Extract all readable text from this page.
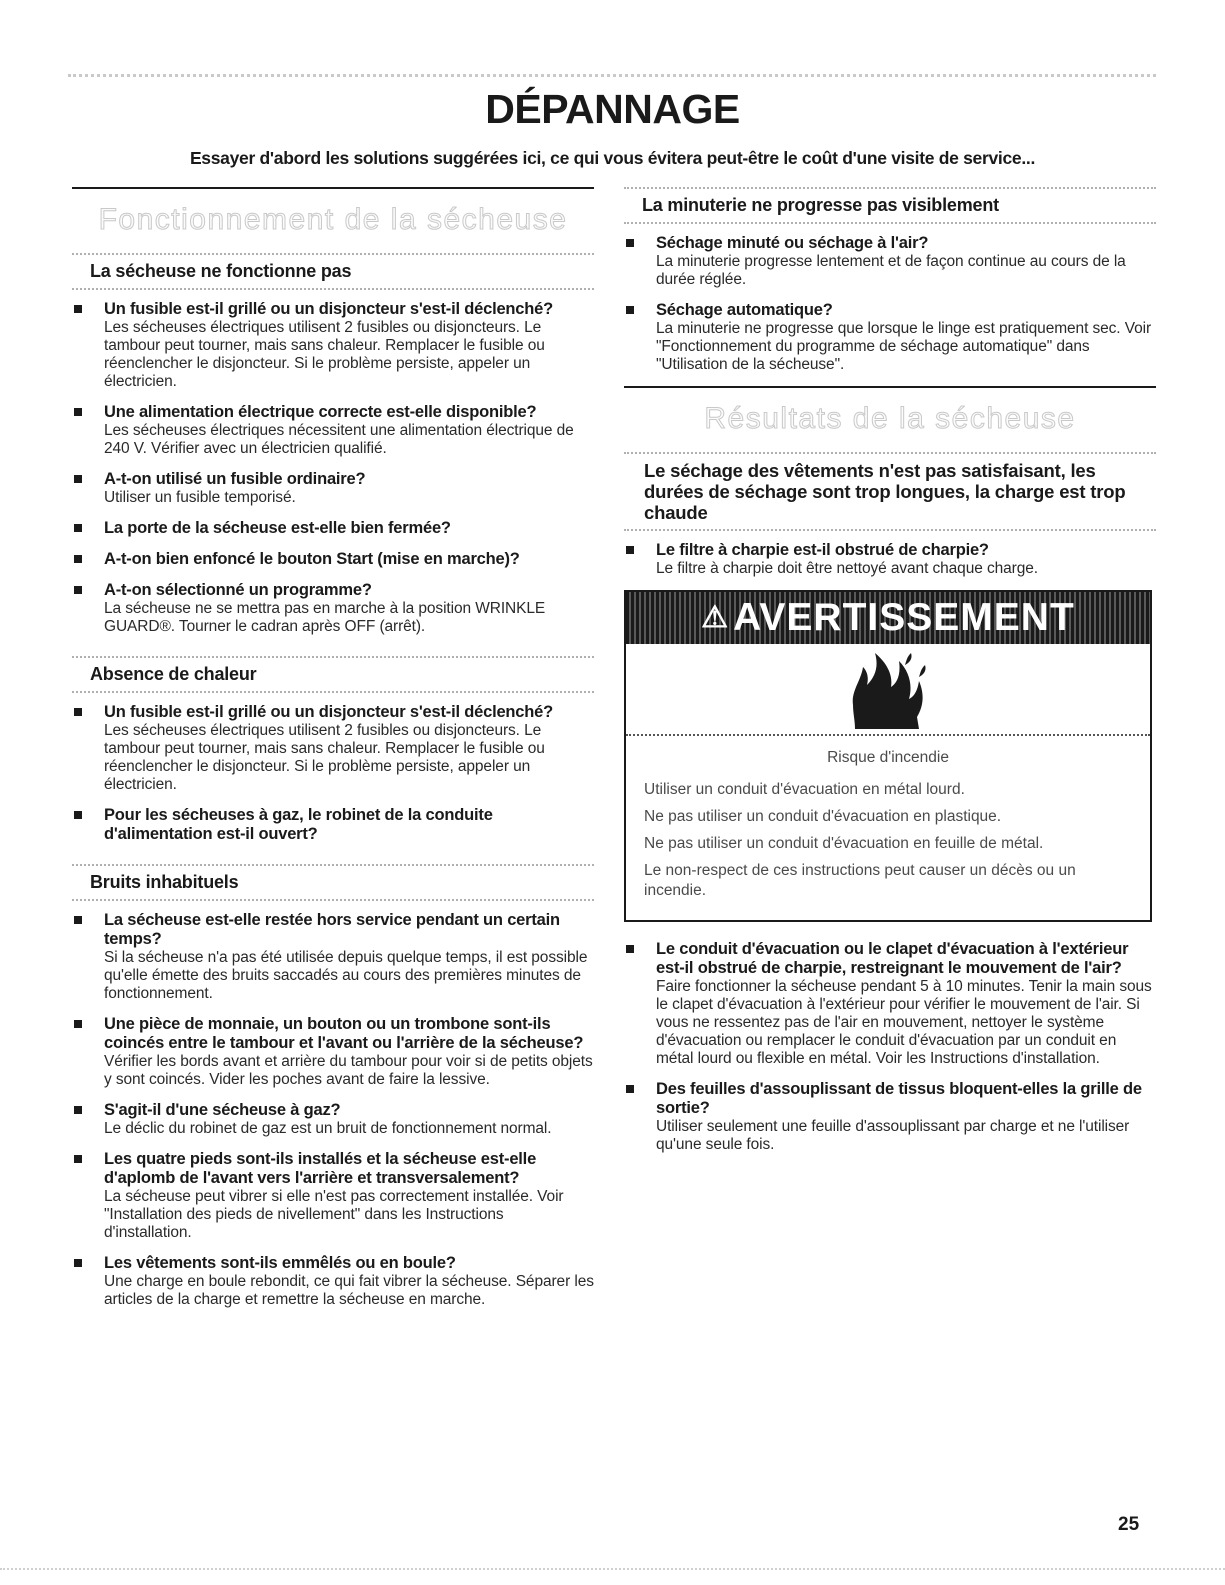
DÉPANNAGE
Essayer d'abord les solutions suggérées ici, ce qui vous évitera peut-être le coût d'une visite de service...
Fonctionnement de la sécheuse
La sécheuse ne fonctionne pas
Un fusible est-il grillé ou un disjoncteur s'est-il déclenché?
Les sécheuses électriques utilisent 2 fusibles ou disjoncteurs. Le tambour peut tourner, mais sans chaleur. Remplacer le fusible ou réenclencher le disjoncteur. Si le problème persiste, appeler un électricien.
Une alimentation électrique correcte est-elle disponible?
Les sécheuses électriques nécessitent une alimentation électrique de 240 V. Vérifier avec un électricien qualifié.
A-t-on utilisé un fusible ordinaire?
Utiliser un fusible temporisé.
La porte de la sécheuse est-elle bien fermée?
A-t-on bien enfoncé le bouton Start (mise en marche)?
A-t-on sélectionné un programme?
La sécheuse ne se mettra pas en marche à la position WRINKLE GUARD®. Tourner le cadran après OFF (arrêt).
Absence de chaleur
Un fusible est-il grillé ou un disjoncteur s'est-il déclenché?
Les sécheuses électriques utilisent 2 fusibles ou disjoncteurs. Le tambour peut tourner, mais sans chaleur. Remplacer le fusible ou réenclencher le disjoncteur. Si le problème persiste, appeler un électricien.
Pour les sécheuses à gaz, le robinet de la conduite d'alimentation est-il ouvert?
Bruits inhabituels
La sécheuse est-elle restée hors service pendant un certain temps?
Si la sécheuse n'a pas été utilisée depuis quelque temps, il est possible qu'elle émette des bruits saccadés au cours des premières minutes de fonctionnement.
Une pièce de monnaie, un bouton ou un trombone sont-ils coincés entre le tambour et l'avant ou l'arrière de la sécheuse?
Vérifier les bords avant et arrière du tambour pour voir si de petits objets y sont coincés. Vider les poches avant de faire la lessive.
S'agit-il d'une sécheuse à gaz?
Le déclic du robinet de gaz est un bruit de fonctionnement normal.
Les quatre pieds sont-ils installés et la sécheuse est-elle d'aplomb de l'avant vers l'arrière et transversalement?
La sécheuse peut vibrer si elle n'est pas correctement installée. Voir "Installation des pieds de nivellement" dans les Instructions d'installation.
Les vêtements sont-ils emmêlés ou en boule?
Une charge en boule rebondit, ce qui fait vibrer la sécheuse. Séparer les articles de la charge et remettre la sécheuse en marche.
La minuterie ne progresse pas visiblement
Séchage minuté ou séchage à l'air?
La minuterie progresse lentement et de façon continue au cours de la durée réglée.
Séchage automatique?
La minuterie ne progresse que lorsque le linge est pratiquement sec. Voir "Fonctionnement du programme de séchage automatique" dans "Utilisation de la sécheuse".
Résultats de la sécheuse
Le séchage des vêtements n'est pas satisfaisant, les durées de séchage sont trop longues, la charge est trop chaude
Le filtre à charpie est-il obstrué de charpie?
Le filtre à charpie doit être nettoyé avant chaque charge.
⚠ AVERTISSEMENT
Risque d'incendie
Utiliser un conduit d'évacuation en métal lourd.
Ne pas utiliser un conduit d'évacuation en plastique.
Ne pas utiliser un conduit d'évacuation en feuille de métal.
Le non-respect de ces instructions peut causer un décès ou un incendie.
Le conduit d'évacuation ou le clapet d'évacuation à l'extérieur est-il obstrué de charpie, restreignant le mouvement de l'air?
Faire fonctionner la sécheuse pendant 5 à 10 minutes. Tenir la main sous le clapet d'évacuation à l'extérieur pour vérifier le mouvement de l'air. Si vous ne ressentez pas de l'air en mouvement, nettoyer le système d'évacuation ou remplacer le conduit d'évacuation par un conduit en métal lourd ou flexible en métal. Voir les Instructions d'installation.
Des feuilles d'assouplissant de tissus bloquent-elles la grille de sortie?
Utiliser seulement une feuille d'assouplissant par charge et ne l'utiliser qu'une seule fois.
25
